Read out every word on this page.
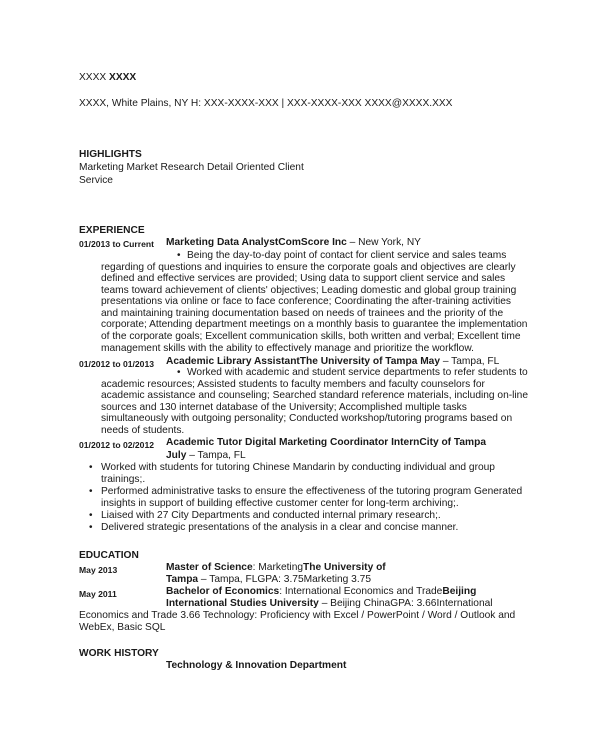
XXXX XXXX
XXXX, White Plains, NY H: XXX-XXXX-XXX | XXX-XXXX-XXX XXXX@XXXX.XXX
HIGHLIGHTS
Marketing Market Research Detail Oriented Client
Service
EXPERIENCE
01/2013 to Current Marketing Data AnalystComScore Inc – New York, NY
• Being the day-to-day point of contact for client service and sales teams
regarding of questions and inquiries to ensure the corporate goals and objectives are clearly
defined and effective services are provided; Using data to support client service and sales
teams toward achievement of clients' objectives; Leading domestic and global group training
presentations via online or face to face conference; Coordinating the after-training activities
and maintaining training documentation based on needs of trainees and the priority of the
corporate; Attending department meetings on a monthly basis to guarantee the implementation
of the corporate goals; Excellent communication skills, both written and verbal; Excellent time
management skills with the ability to effectively manage and prioritize the workflow.
01/2012 to 01/2013 Academic Library AssistantThe University of Tampa May – Tampa, FL
• Worked with academic and student service departments to refer students to
academic resources; Assisted students to faculty members and faculty counselors for
academic assistance and counseling; Searched standard reference materials, including on-line
sources and 130 internet database of the University; Accomplished multiple tasks
simultaneously with outgoing personality; Conducted workshop/tutoring programs based on
needs of students.
01/2012 to 02/2012 Academic Tutor Digital Marketing Coordinator InternCity of Tampa
July – Tampa, FL
• Worked with students for tutoring Chinese Mandarin by conducting individual and group
trainings;.
• Performed administrative tasks to ensure the effectiveness of the tutoring program Generated
insights in support of building effective customer center for long-term archiving;.
• Liaised with 27 City Departments and conducted internal primary research;.
• Delivered strategic presentations of the analysis in a clear and concise manner.
EDUCATION
May 2013	Master of Science: MarketingThe University of
Tampa – Tampa, FLGPA: 3.75Marketing 3.75
May 2011	Bachelor of Economics: International Economics and TradeBeijing
International Studies University – Beijing ChinaGPA: 3.66International
Economics and Trade 3.66 Technology: Proficiency with Excel / PowerPoint / Word / Outlook and
WebEx, Basic SQL
WORK HISTORY
Technology & Innovation Department
